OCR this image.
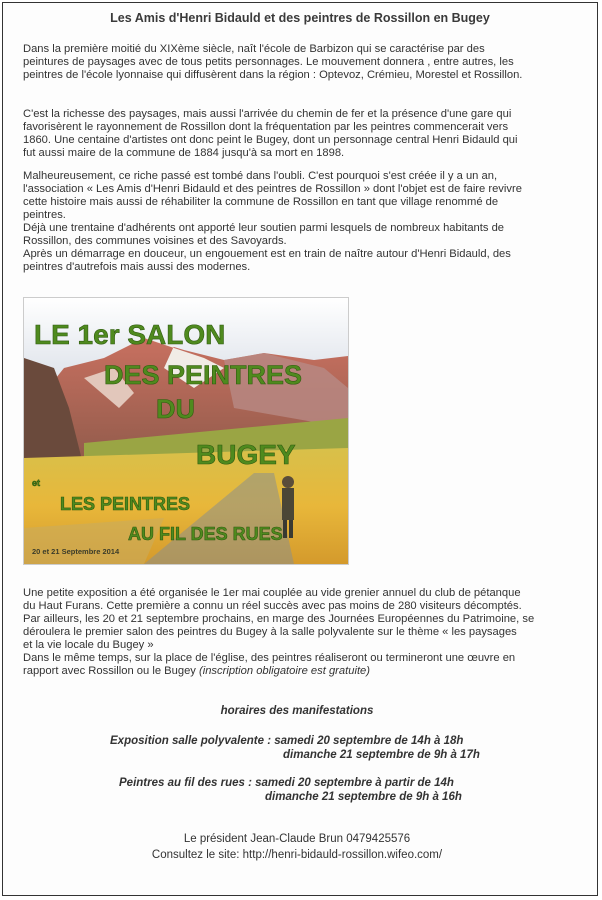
Les Amis d'Henri Bidauld et des peintres de Rossillon en Bugey

Dans la première moitié du XIXème siècle, naît l'école de Barbizon qui se caractérise par des
peintures de paysages avec de tous petits personnages. Le mouvement donnera , entre autres, les
peintres de l'école lyonnaise qui diffusèrent dans la région : Optevoz, Crémieu, Morestel et Rossillon.

C'est la richesse des paysages, mais aussi l'arrivée du chemin de fer et la présence d'une gare qui
favorisèrent le rayonnement de Rossillon dont la fréquentation par les peintres commencerait vers
1860. Une centaine d'artistes ont donc peint le Bugey, dont un personnage central Henri Bidauld qui
fut aussi maire de la commune de 1884 jusqu'à sa mort en 1898.

Malheureusement, ce riche passé est tombé dans l'oubli. C'est pourquoi s'est créée il y a un an,
l'association « Les Amis d'Henri Bidauld et des peintres de Rossillon » dont l'objet est de faire revivre
cette histoire mais aussi de réhabiliter la commune de Rossillon en tant que village renommé de
peintres.
Déjà une trentaine d'adhérents ont apporté leur soutien parmi lesquels de nombreux habitants de
Rossillon, des communes voisines et des Savoyards.
Après un démarrage en douceur, un engouement est en train de naître autour d'Henri Bidauld, des
peintres d'autrefois mais aussi des modernes.

LE 1er SALON
DES PEINTRES
DU
BUGEY
et
LES PEINTRES
AU FIL DES RUES
20 et 21 Septembre 2014

Une petite exposition a été organisée le 1er mai couplée au vide grenier annuel du club de pétanque
du Haut Furans. Cette première a connu un réel succès avec pas moins de 280 visiteurs décomptés.
Par ailleurs, les 20 et 21 septembre prochains, en marge des Journées Européennes du Patrimoine, se
déroulera le premier salon des peintres du Bugey à la salle polyvalente sur le thème « les paysages
et la vie locale du Bugey »
Dans le même temps, sur la place de l'église, des peintres réaliseront ou termineront une œuvre en
rapport avec Rossillon ou le Bugey (inscription obligatoire est gratuite)

horaires des manifestations
Exposition salle polyvalente : samedi 20 septembre de 14h à 18h
dimanche 21 septembre de 9h à 17h
Peintres au fil des rues : samedi 20 septembre à partir de 14h
dimanche 21 septembre de 9h à 16h
Le président Jean-Claude Brun 0479425576
Consultez le site: http://henri-bidauld-rossillon.wifeo.com/
